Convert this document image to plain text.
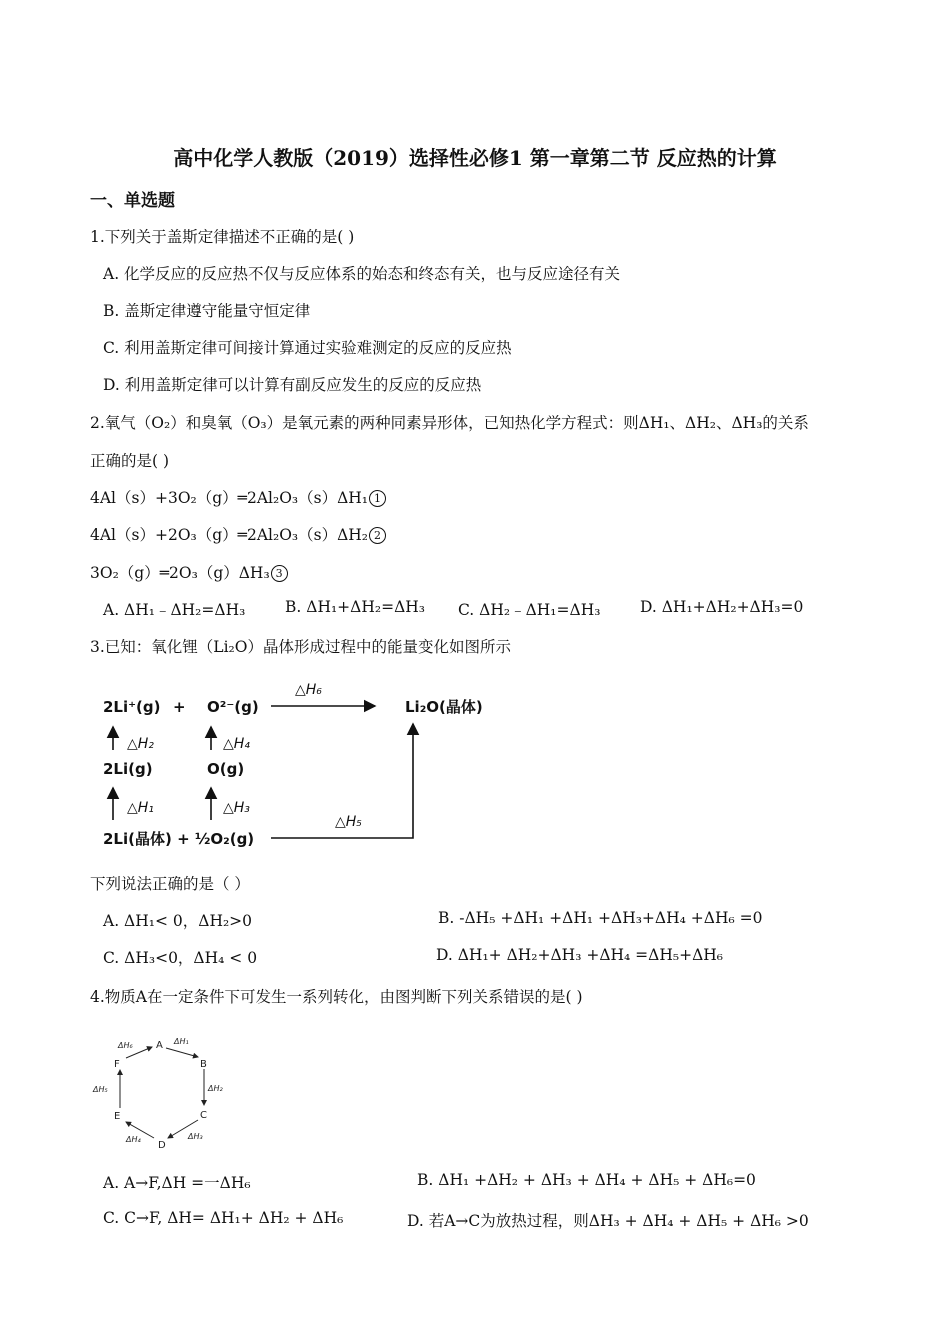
高中化学人教版（2019）选择性必修1 第一章第二节 反应热的计算
一、单选题
1.下列关于盖斯定律描述不正确的是( )
A. 化学反应的反应热不仅与反应体系的始态和终态有关，也与反应途径有关
B. 盖斯定律遵守能量守恒定律
C. 利用盖斯定律可间接计算通过实验难测定的反应的反应热
D. 利用盖斯定律可以计算有副反应发生的反应的反应热
2.氧气（O₂）和臭氧（O₃）是氧元素的两种同素异形体，已知热化学方程式：则ΔH₁、ΔH₂、ΔH₃的关系
正确的是( )
4Al（s）+3O₂（g）═2Al₂O₃（s）ΔH₁ 1
4Al（s）+2O₃（g）═2Al₂O₃（s）ΔH₂ 2
3O₂（g）═2O₃（g）ΔH₃ 3
A. ΔH₁﹣ΔH₂=ΔH₃	B. ΔH₁+ΔH₂=ΔH₃ C. ΔH₂﹣ΔH₁=ΔH₃	D. ΔH₁+ΔH₂+ΔH₃=0
3.已知：氧化锂（Li₂O）晶体形成过程中的能量变化如图所示
2Li⁺(g) + O²⁻(g)	Li₂O(晶体)
2Li(g)	O(g)
2Li(晶体) + ½O₂(g)
△H₆
△H₂	△H₄
△H₁	△H₃
△H₅
下列说法正确的是（ ）
A. ΔH₁< 0，ΔH₂>0	B. -ΔH₅ +ΔH₁ +ΔH₁ +ΔH₃+ΔH₄ +ΔH₆ =0
C. ΔH₃<0，ΔH₄ < 0	D. ΔH₁+ ΔH₂+ΔH₃ +ΔH₄ =ΔH₅+ΔH₆
4.物质A在一定条件下可发生一系列转化，由图判断下列关系错误的是( )
A
B
C
D
E
F
ΔH₁
ΔH₂
ΔH₃
ΔH₄
ΔH₅
ΔH₆
A. A→F,ΔH =一ΔH₆	B. ΔH₁ +ΔH₂ + ΔH₃ + ΔH₄ + ΔH₅ + ΔH₆=0
C. C→F, ΔH= ΔH₁+ ΔH₂ + ΔH₆	D. 若A→C为放热过程，则ΔH₃ + ΔH₄ + ΔH₅ + ΔH₆ >0
